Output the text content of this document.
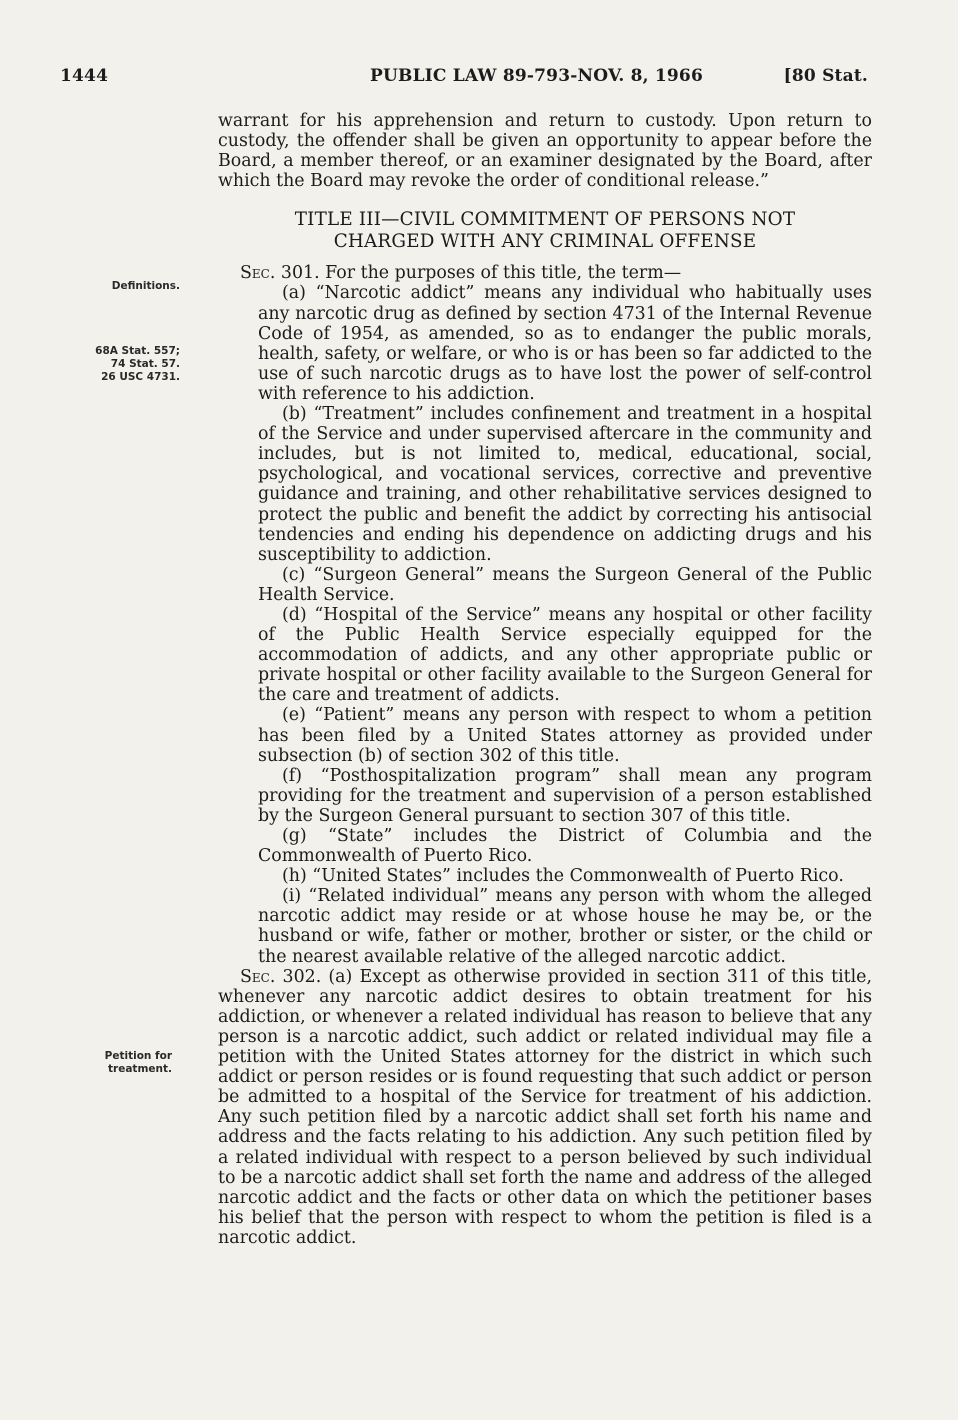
1444	PUBLIC LAW 89-793-NOV. 8, 1966	[80 Stat.
Definitions.
68A Stat. 557;
74 Stat. 57.
26 USC 4731.
Petition for
treatment.

warrant for his apprehension and return to custody. Upon return to custody, the offender shall be given an opportunity to appear before the Board, a member thereof, or an examiner designated by the Board, after which the Board may revoke the order of conditional release.”

TITLE III—CIVIL COMMITMENT OF PERSONS NOT
CHARGED WITH ANY CRIMINAL OFFENSE

Sec. 301. For the purposes of this title, the term—

(a) “Narcotic addict” means any individual who habitually uses any narcotic drug as defined by section 4731 of the Internal Revenue Code of 1954, as amended, so as to endanger the public morals, health, safety, or welfare, or who is or has been so far addicted to the use of such narcotic drugs as to have lost the power of self-control with reference to his addiction.

(b) “Treatment” includes confinement and treatment in a hospital of the Service and under supervised aftercare in the community and includes, but is not limited to, medical, educational, social, psychological, and vocational services, corrective and preventive guidance and training, and other rehabilitative services designed to protect the public and benefit the addict by correcting his antisocial tendencies and ending his dependence on addicting drugs and his susceptibility to addiction.

(c) “Surgeon General” means the Surgeon General of the Public Health Service.

(d) “Hospital of the Service” means any hospital or other facility of the Public Health Service especially equipped for the accommodation of addicts, and any other appropriate public or private hospital or other facility available to the Surgeon General for the care and treatment of addicts.

(e) “Patient” means any person with respect to whom a petition has been filed by a United States attorney as provided under subsection (b) of section 302 of this title.

(f) “Posthospitalization program” shall mean any program providing for the treatment and supervision of a person established by the Surgeon General pursuant to section 307 of this title.

(g) “State” includes the District of Columbia and the Commonwealth of Puerto Rico.

(h) “United States” includes the Commonwealth of Puerto Rico.

(i) “Related individual” means any person with whom the alleged narcotic addict may reside or at whose house he may be, or the husband or wife, father or mother, brother or sister, or the child or the nearest available relative of the alleged narcotic addict.

Sec. 302. (a) Except as otherwise provided in section 311 of this title, whenever any narcotic addict desires to obtain treatment for his addiction, or whenever a related individual has reason to believe that any person is a narcotic addict, such addict or related individual may file a petition with the United States attorney for the district in which such addict or person resides or is found requesting that such addict or person be admitted to a hospital of the Service for treatment of his addiction. Any such petition filed by a narcotic addict shall set forth his name and address and the facts relating to his addiction. Any such petition filed by a related individual with respect to a person believed by such individual to be a narcotic addict shall set forth the name and address of the alleged narcotic addict and the facts or other data on which the petitioner bases his belief that the person with respect to whom the petition is filed is a narcotic addict.
